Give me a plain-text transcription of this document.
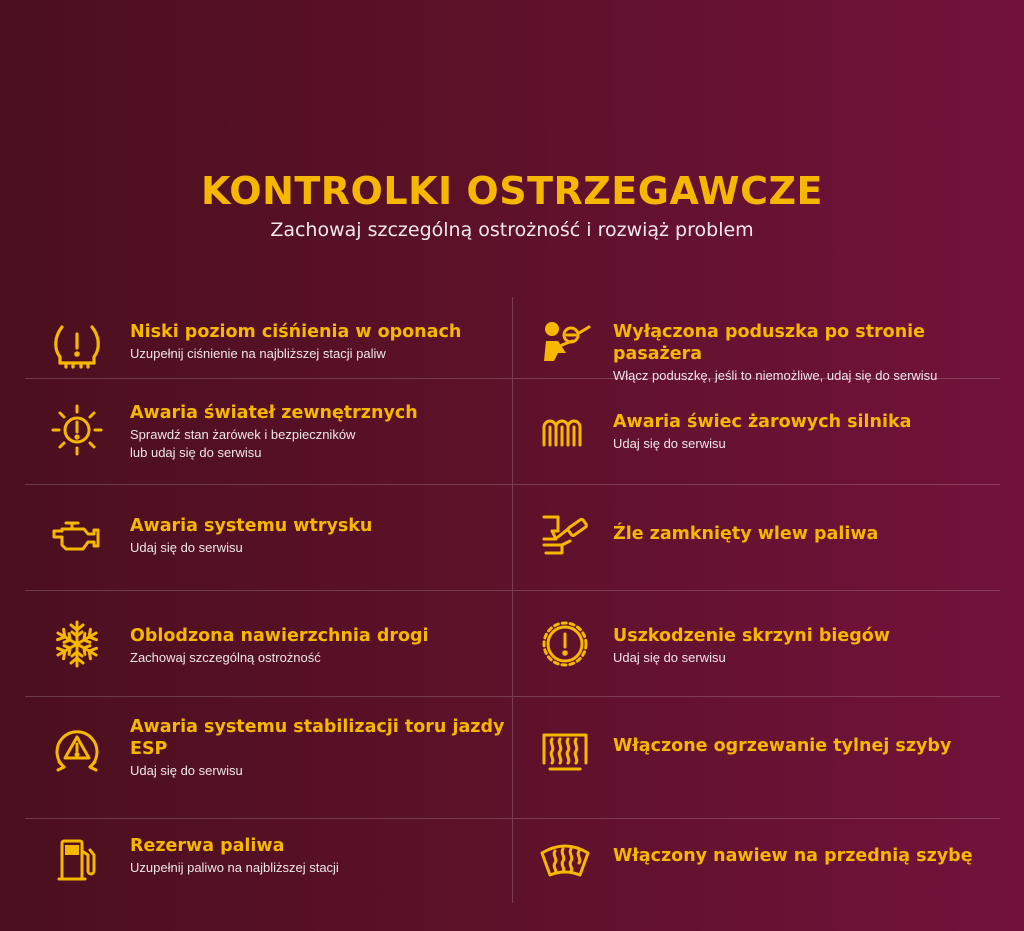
KONTROLKI OSTRZEGAWCZE
Zachowaj szczególną ostrożność i rozwiąż problem
Niski poziom ciśńienia w oponach
Uzupełnij ciśnienie na najbliższej stacji paliw
Awaria świateł zewnętrznych
Sprawdź stan żarówek i bezpieczników
lub udaj się do serwisu
Awaria systemu wtrysku
Udaj się do serwisu
Oblodzona nawierzchnia drogi
Zachowaj szczególną ostrożność
Awaria systemu stabilizacji toru jazdy ESP
Udaj się do serwisu
Rezerwa paliwa
Uzupełnij paliwo na najbliższej stacji
Wyłączona poduszka po stronie pasażera
Włącz poduszkę, jeśli to niemożliwe, udaj się do serwisu
Awaria świec żarowych silnika
Udaj się do serwisu
Źle zamknięty wlew paliwa
Uszkodzenie skrzyni biegów
Udaj się do serwisu
Włączone ogrzewanie tylnej szyby
Włączony nawiew na przednią szybę
